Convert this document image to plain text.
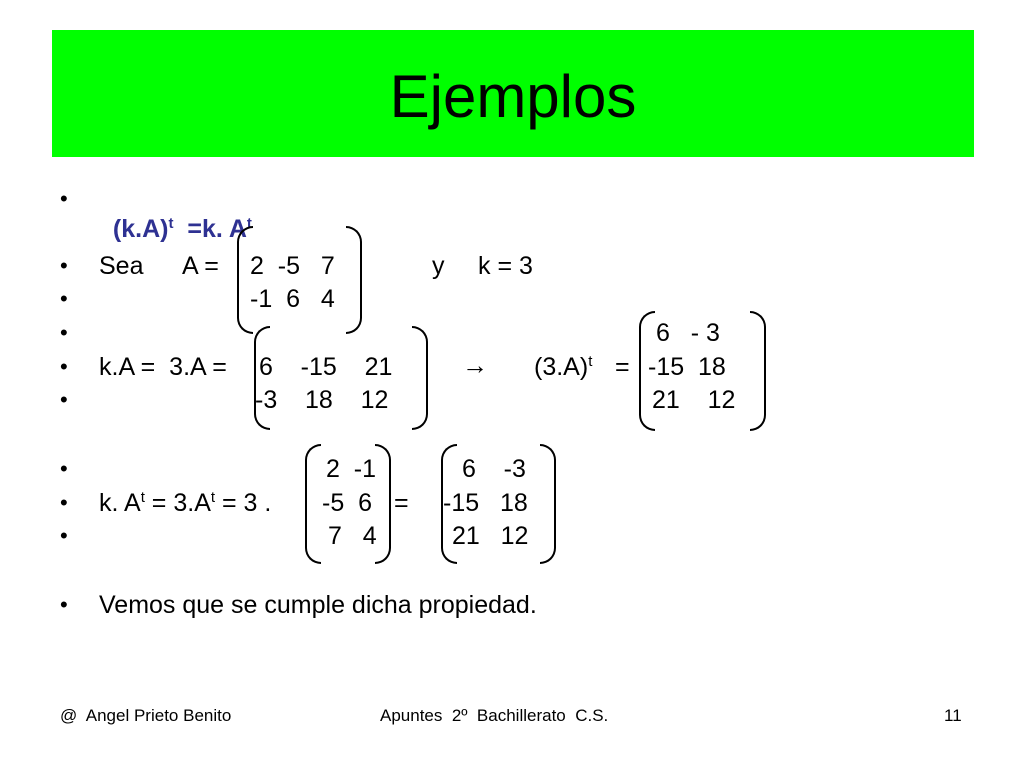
Ejemplos
•
•
•
•
•
•
•
•
•
•

$(k.A)^t =k$. $A^t$

Sea A = 2  -5   7
-1  6   4
y k = 3
k.A =  3.A = 6    -15    21
-3    18    12
→ $(3.A)^t$ =
6   - 3
-15  18
21    12
k. $A^t = 3.A^t = 3$ .
2  -1
-5  6
7   4
=
6    -3
-15   18
21   12
Vemos que se cumple dicha propiedad.
@  Angel Prieto Benito	Apuntes  2º  Bachillerato  C.S.	11
